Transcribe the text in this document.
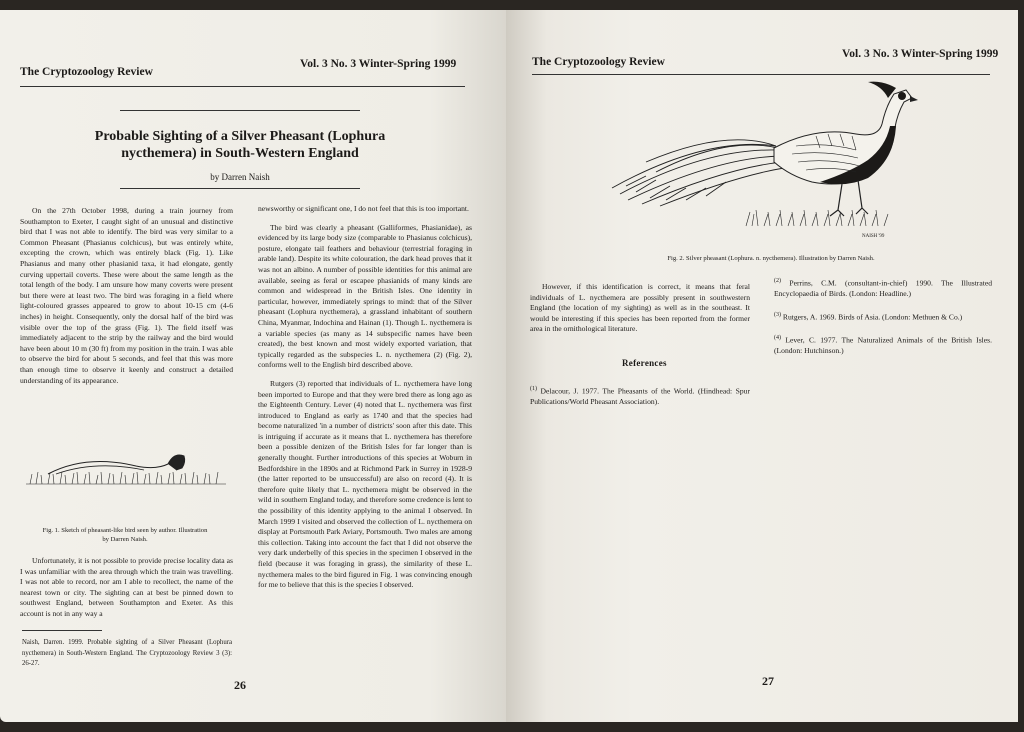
The Cryptozoology Review
Vol. 3 No. 3 Winter-Spring 1999
Probable Sighting of a Silver Pheasant (Lophura nycthemera) in South-Western England
by Darren Naish

On the 27th October 1998, during a train journey from Southampton to Exeter, I caught sight of an unusual and distinctive bird that I was not able to identify. The bird was very similar to a Common Pheasant (Phasianus colchicus), but was entirely white, excepting the crown, which was entirely black (Fig. 1). Like Phasianus and many other phasianid taxa, it had elongate, gently curving uppertail coverts. These were about the same length as the total length of the body. I am unsure how many coverts were present but there were at least two. The bird was foraging in a field where light-coloured grasses appeared to grow to about 10-15 cm (4-6 inches) in height. Consequently, only the dorsal half of the bird was visible over the top of the grass (Fig. 1). The field itself was immediately adjacent to the strip by the railway and the bird would have been about 10 m (30 ft) from my position in the train. I was able to observe the bird for about 5 seconds, and feel that this was more than enough time to observe it keenly and construct a detailed understanding of its appearance.

Fig. 1. Sketch of pheasant-like bird seen by author. Illustration by Darren Naish.

Unfortunately, it is not possible to provide precise locality data as I was unfamiliar with the area through which the train was travelling. I was not able to record, nor am I able to recollect, the name of the nearest town or city. The sighting can at best be pinned down to southwest England, between Southampton and Exeter. As this account is not in any way a

Naish, Darren. 1999. Probable sighting of a Silver Pheasant (Lophura nycthemera) in South-Western England. The Cryptozoology Review 3 (3): 26-27.

newsworthy or significant one, I do not feel that this is too important.

The bird was clearly a pheasant (Galliformes, Phasianidae), as evidenced by its large body size (comparable to Phasianus colchicus), posture, elongate tail feathers and behaviour (terrestrial foraging in arable land). Despite its white colouration, the dark head proves that it was not an albino. A number of possible identities for this animal are available, seeing as feral or escapee phasianids of many kinds are common and widespread in the British Isles. One identity in particular, however, immediately springs to mind: that of the Silver pheasant (Lophura nycthemera), a grassland inhabitant of southern China, Myanmar, Indochina and Hainan (1). Though L. nycthemera is a variable species (as many as 14 subspecific names have been created), the best known and most widely exported variation, that typically regarded as the subspecies L. n. nycthemera (2) (Fig. 2), conforms well to the English bird described above.

Rutgers (3) reported that individuals of L. nycthemera have long been imported to Europe and that they were bred there as long ago as the Eighteenth Century. Lever (4) noted that L. nycthemera was first introduced to England as early as 1740 and that the species had become naturalized 'in a number of districts' soon after this date. This is intriguing if accurate as it means that L. nycthemera has therefore been a possible denizen of the British Isles for far longer than is generally thought. Further introductions of this species at Woburn in Bedfordshire in the 1890s and at Richmond Park in Surrey in 1928-9 (the latter reported to be unsuccessful) are also on record (4). It is therefore quite likely that L. nycthemera might be observed in the wild in southern England today, and therefore some credence is lent to the possibility of this identity applying to the animal I observed. In March 1999 I visited and observed the collection of L. nycthemera on display at Portsmouth Park Aviary, Portsmouth. Two males are among this collection. Taking into account the fact that I did not observe the very dark underbelly of this species in the specimen I observed in the field (because it was foraging in grass), the similarity of these L. nycthemera males to the bird figured in Fig. 1 was convincing enough for me to believe that this is the species I observed.

26
The Cryptozoology Review
Vol. 3 No. 3 Winter-Spring 1999
NAISH '99
Fig. 2. Silver pheasant (Lophura. n. nycthemera). Illustration by Darren Naish.

However, if this identification is correct, it means that feral individuals of L. nycthemera are possibly present in southwestern England (the location of my sighting) as well as in the southeast. It would be interesting if this species has been reported from the former area in the ornithological literature.

References
$^{(1)}$ Delacour, J. 1977. The Pheasants of the World. (Hindhead: Spur Publications/World Pheasant Association).
$^{(2)}$ Perrins, C.M. (consultant-in-chief) 1990. The Illustrated Encyclopaedia of Birds. (London: Headline.)
$^{(3)}$ Rutgers, A. 1969. Birds of Asia. (London: Methuen & Co.)
$^{(4)}$ Lever, C. 1977. The Naturalized Animals of the British Isles. (London: Hutchinson.)
27
